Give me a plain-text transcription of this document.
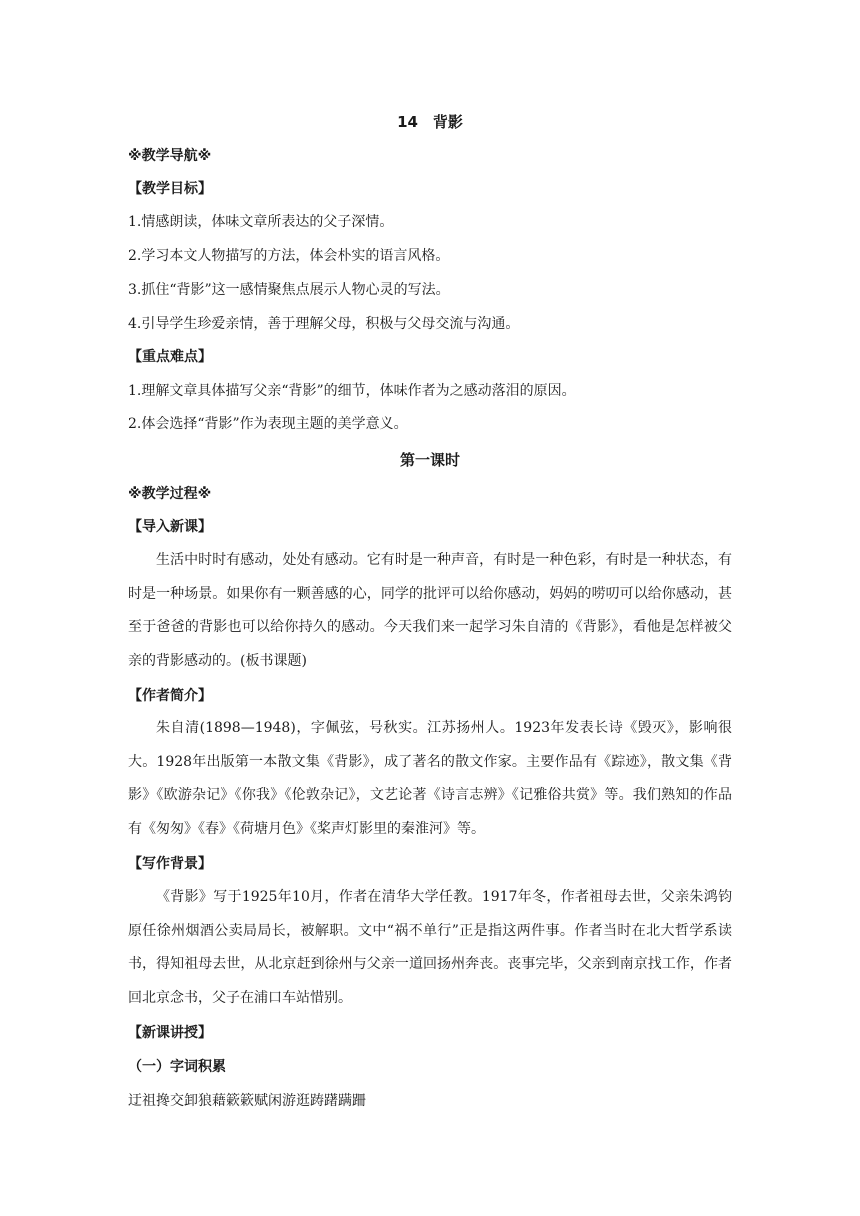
14　背影
※教学导航※
【教学目标】
1.情感朗读，体味文章所表达的父子深情。
2.学习本文人物描写的方法，体会朴实的语言风格。
3.抓住“背影”这一感情聚焦点展示人物心灵的写法。
4.引导学生珍爱亲情，善于理解父母，积极与父母交流与沟通。
【重点难点】
1.理解文章具体描写父亲“背影”的细节，体味作者为之感动落泪的原因。
2.体会选择“背影”作为表现主题的美学意义。
第一课时
※教学过程※
【导入新课】
生活中时时有感动，处处有感动。它有时是一种声音，有时是一种色彩，有时是一种状态，有时是一种场景。如果你有一颗善感的心，同学的批评可以给你感动，妈妈的唠叨可以给你感动，甚至于爸爸的背影也可以给你持久的感动。今天我们来一起学习朱自清的《背影》，看他是怎样被父亲的背影感动的。(板书课题)
【作者简介】
朱自清(1898—1948)，字佩弦，号秋实。江苏扬州人。1923年发表长诗《毁灭》，影响很大。1928年出版第一本散文集《背影》，成了著名的散文作家。主要作品有《踪迹》，散文集《背影》《欧游杂记》《你我》《伦敦杂记》，文艺论著《诗言志辨》《记雅俗共赏》等。我们熟知的作品有《匆匆》《春》《荷塘月色》《桨声灯影里的秦淮河》等。
【写作背景】
《背影》写于1925年10月，作者在清华大学任教。1917年冬，作者祖母去世，父亲朱鸿钧原任徐州烟酒公卖局局长，被解职。文中“祸不单行”正是指这两件事。作者当时在北大哲学系读书，得知祖母去世，从北京赶到徐州与父亲一道回扬州奔丧。丧事完毕，父亲到南京找工作，作者回北京念书，父子在浦口车站惜别。
【新课讲授】
（一）字词积累
迂祖搀交卸狼藉簌簌赋闲游逛踌躇蹒跚
